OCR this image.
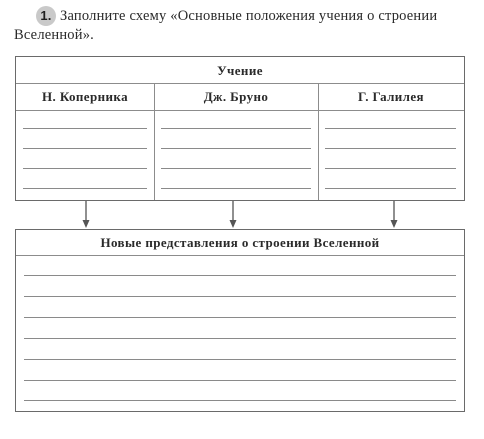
1. Заполните схему «Основные положения учения о строении Вселенной».
Учение
Н. Коперника	Дж. Бруно	Г. Галилея
Новые представления о строении Вселенной
